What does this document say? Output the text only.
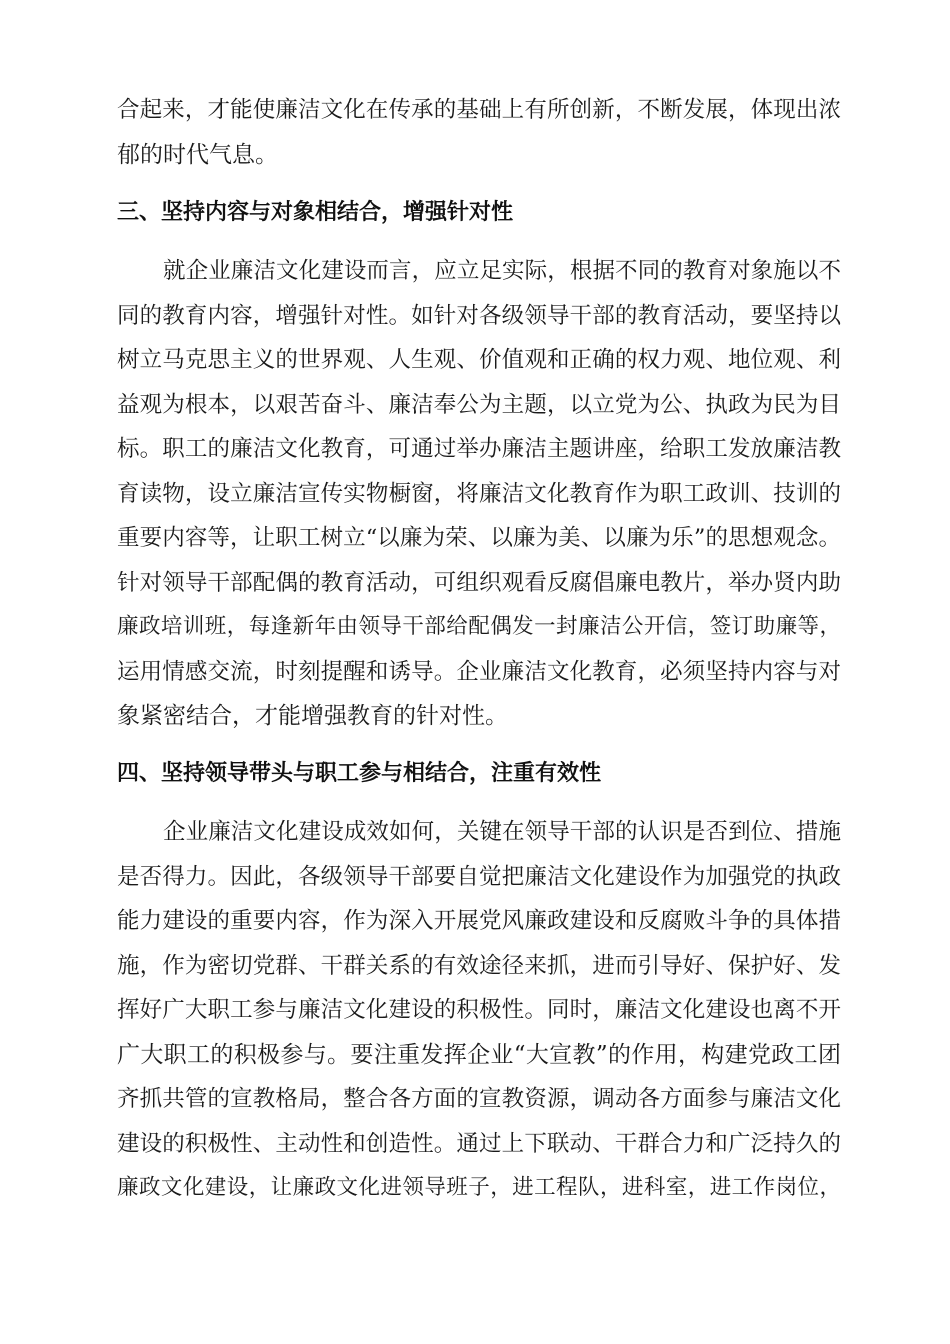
合起来，才能使廉洁文化在传承的基础上有所创新，不断发展，体现出浓

郁的时代气息。

三、坚持内容与对象相结合，增强针对性

就企业廉洁文化建设而言，应立足实际，根据不同的教育对象施以不

同的教育内容，增强针对性。如针对各级领导干部的教育活动，要坚持以

树立马克思主义的世界观、人生观、价值观和正确的权力观、地位观、利

益观为根本，以艰苦奋斗、廉洁奉公为主题，以立党为公、执政为民为目

标。职工的廉洁文化教育，可通过举办廉洁主题讲座，给职工发放廉洁教

育读物，设立廉洁宣传实物橱窗，将廉洁文化教育作为职工政训、技训的

重要内容等，让职工树立“以廉为荣、以廉为美、以廉为乐”的思想观念。

针对领导干部配偶的教育活动，可组织观看反腐倡廉电教片，举办贤内助

廉政培训班，每逢新年由领导干部给配偶发一封廉洁公开信，签订助廉等，

运用情感交流，时刻提醒和诱导。企业廉洁文化教育，必须坚持内容与对

象紧密结合，才能增强教育的针对性。

四、坚持领导带头与职工参与相结合，注重有效性

企业廉洁文化建设成效如何，关键在领导干部的认识是否到位、措施

是否得力。因此，各级领导干部要自觉把廉洁文化建设作为加强党的执政

能力建设的重要内容，作为深入开展党风廉政建设和反腐败斗争的具体措

施，作为密切党群、干群关系的有效途径来抓，进而引导好、保护好、发

挥好广大职工参与廉洁文化建设的积极性。同时，廉洁文化建设也离不开

广大职工的积极参与。要注重发挥企业“大宣教”的作用，构建党政工团

齐抓共管的宣教格局，整合各方面的宣教资源，调动各方面参与廉洁文化

建设的积极性、主动性和创造性。通过上下联动、干群合力和广泛持久的

廉政文化建设，让廉政文化进领导班子，进工程队，进科室，进工作岗位，
